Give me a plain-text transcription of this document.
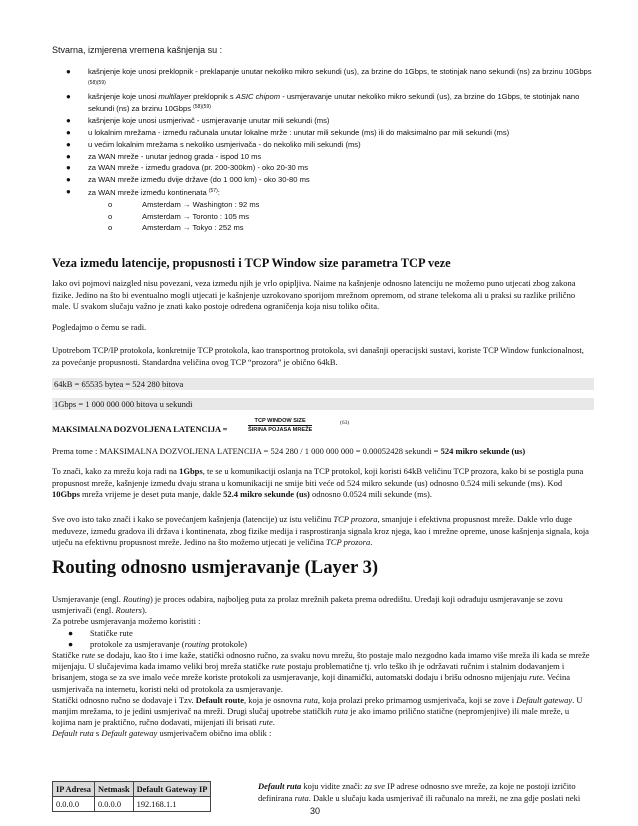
Stvarna, izmjerena vremena kašnjenja su :
● kašnjenje koje unosi preklopnik - preklapanje unutar nekoliko mikro sekundi (us), za brzine do 1Gbps, te stotinjak nano sekundi (ns) za brzinu 10Gbps $^{(58)(59)}$
● kašnjenje koje unosi multilayer preklopnik s ASIC chipom - usmjeravanje unutar nekoliko mikro sekundi (us), za brzine do 1Gbps, te stotinjak nano sekundi (ns) za brzinu 10Gbps $^{(58)(59)}$
● kašnjenje koje unosi usmjerivač - usmjeravanje unutar mili sekundi (ms)
● u lokalnim mrežama - između računala unutar lokalne mrže : unutar mili sekunde (ms) ili do maksimalno par mili sekundi (ms)
● u većim lokalnim mrežama s nekoliko usmjerivača - do nekoliko mili sekundi (ms)
● za WAN mreže - unutar jednog grada - ispod 10 ms
● za WAN mreže - između gradova (pr. 200-300km) - oko 20-30 ms
● za WAN mreže između dvije države (do 1 000 km) - oko 30-80 ms
● za WAN mreže između kontinenata $^{(57)}$:
o	Amsterdam → Washington : 92 ms
o	Amsterdam → Toronto : 105 ms
o	Amsterdam → Tokyo : 252 ms
Veza između latencije, propusnosti i TCP Window size parametra TCP veze

Iako ovi pojmovi naizgled nisu povezani, veza između njih je vrlo opipljiva. Naime na kašnjenje odnosno latenciju ne možemo puno utjecati zbog zakona fizike. Jedino na što bi eventualno mogli utjecati je kašnjenje uzrokovano sporijom mrežnom opremom, od strane telekoma ali u praksi su razlike prilično male. U svakom slučaju važno je znati kako postoje određena ograničenja koja nisu toliko očita.

Pogledajmo o čemu se radi.

Upotrebom TCP/IP protokola, konkretnije TCP protokola, kao transportnog protokola, svi današnji operacijski sustavi, koriste TCP Window funkcionalnost, za povećanje propusnosti. Standardna veličina ovog TCP “prozora” je obično 64kB.

64kB = 65535 bytea = 524 280 bitova
1Gbps = 1 000 000 000 bitova u sekundi
MAKSIMALNA DOZVOLJENA LATENCIJA =
TCP WINDOW SIZE
ŠIRINA POJASA MREŽE
(63)

Prema tome : MAKSIMALNA DOZVOLJENA LATENCIJA = 524 280 / 1 000 000 000 = 0.00052428 sekundi = 524 mikro sekunde (us)

To znači, kako za mrežu koja radi na 1Gbps, te se u komunikaciji oslanja na TCP protokol, koji koristi 64kB veličinu TCP prozora, kako bi se postigla puna propusnost mreže, kašnjenje između dvaju strana u komunikaciji ne smije biti veće od 524 mikro sekunde (us) odnosno 0.524 mili sekunde (ms). Kod 10Gbps mreža vrijeme je deset puta manje, dakle 52.4 mikro sekunde (us) odnosno 0.0524 mili sekunde (ms).

Sve ovo isto tako znači i kako se povećanjem kašnjenja (latencije) uz istu veličinu TCP prozora, smanjuje i efektivna propusnost mreže. Dakle vrlo duge međuveze, između gradova ili država i kontinenata, zbog fizike medija i rasprostiranja signala kroz njega, kao i mrežne opreme, unose kašnjenja signala, koja utječu na efektivnu propusnost mreže. Jedino na što možemo utjecati je veličina TCP prozora.

Routing odnosno usmjeravanje (Layer 3)
Usmjeravanje (engl. Routing) je proces odabira, najboljeg puta za prolaz mrežnih paketa prema odredištu. Uređaji koji odrađuju usmjeravanje se zovu usmjerivači (engl. Routers).
Za potrebe usmjeravanja možemo koristiti :
● Statičke rute
● protokole za usmjeravanje (routing protokole)
Statičke rute se dodaju, kao što i ime kaže, statički odnosno ručno, za svaku novu mrežu, što postaje malo nezgodno kada imamo više mreža ili kada se mreže mijenjaju. U slučajevima kada imamo veliki broj mreža statičke rute postaju problematične tj. vrlo teško ih je održavati ručnim i stalnim dodavanjem i brisanjem, stoga se za sve imalo veće mreže koriste protokoli za usmjeravanje, koji dinamički, automatski dodaju i brišu odnosno mijenjaju rute. Većina usmjerivača na internetu, koristi neki od protokola za usmjeravanje.
Statički odnosno ručno se dodavaje i Tzv. Default route, koja je osnovna ruta, koja prolazi preko primarnog usmjerivača, koji se zove i Default gateway. U manjim mrežama, to je jedini usmjerivač na mreži. Drugi slučaj upotrebe statičkih ruta je ako imamo prilično statične (nepromjenjive) ili male mreže, u kojima nam je praktično, ručno dodavati, mijenjati ili brisati rute.
Default ruta s Default gateway usmjerivačem obično ima oblik :
IP Adresa	Netmask	Default Gateway IP
0.0.0.0	0.0.0.0	192.168.1.1
Default ruta koju vidite znači: za sve IP adrese odnosno sve mreže, za koje ne postoji izričito definirana ruta. Dakle u slučaju kada usmjerivač ili računalo na mreži, ne zna gdje poslati neki
30
